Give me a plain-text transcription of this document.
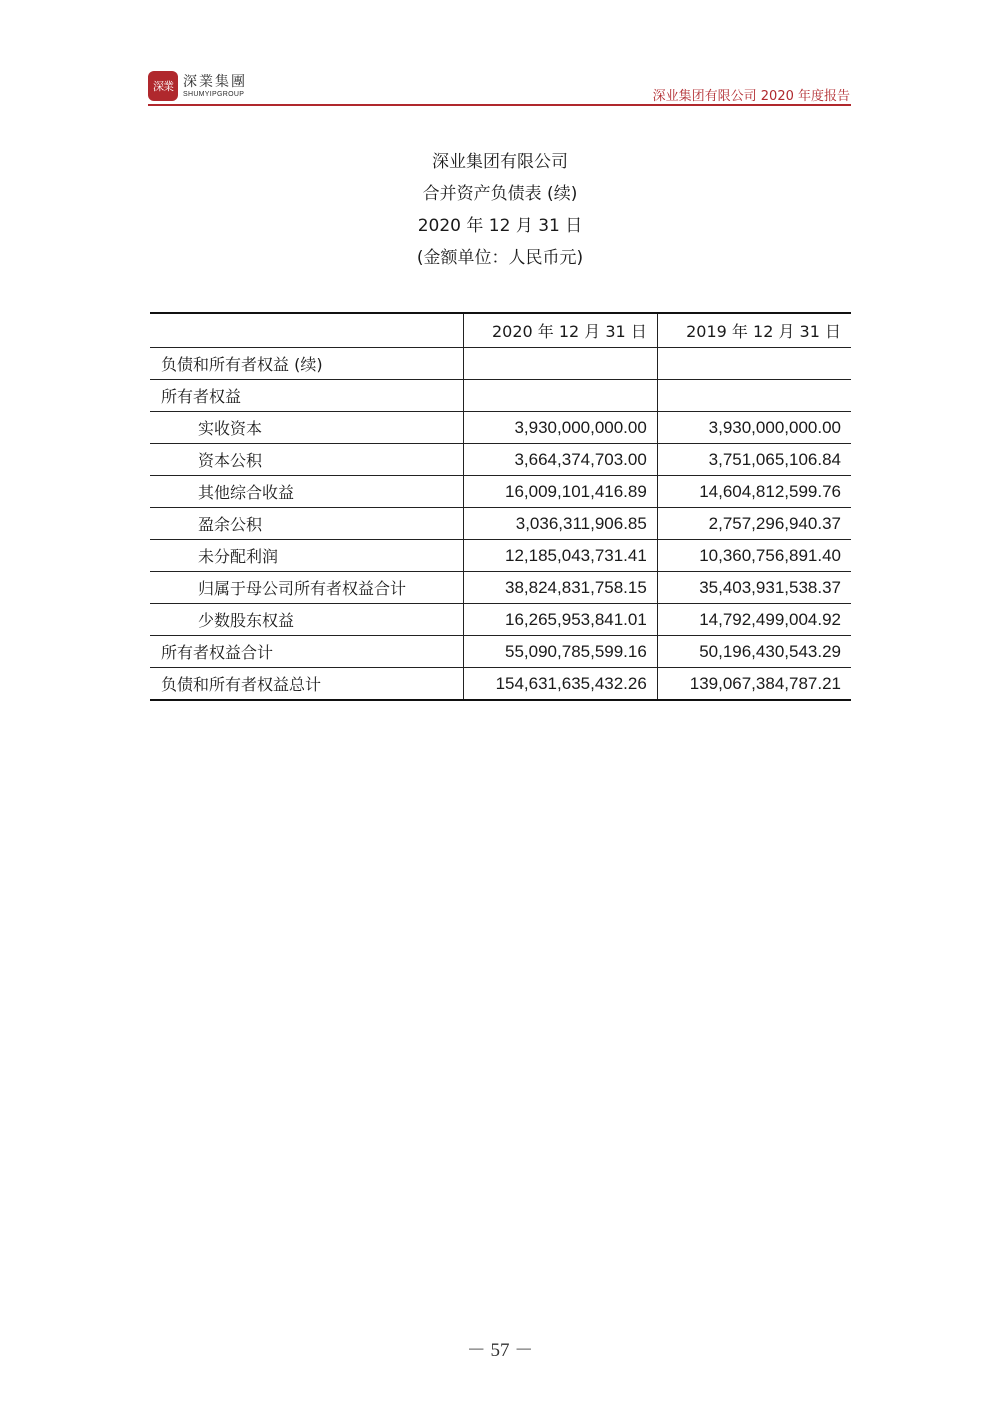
深業 深業集團
SHUMYIPGROUP	深业集团有限公司 2020 年度报告
深业集团有限公司
合并资产负债表 (续)
2020 年 12 月 31 日
(金额单位：人民币元)
	2020 年 12 月 31 日	2019 年 12 月 31 日
负债和所有者权益 (续)		
所有者权益		
实收资本	3,930,000,000.00	3,930,000,000.00
资本公积	3,664,374,703.00	3,751,065,106.84
其他综合收益	16,009,101,416.89	14,604,812,599.76
盈余公积	3,036,311,906.85	2,757,296,940.37
未分配利润	12,185,043,731.41	10,360,756,891.40
归属于母公司所有者权益合计	38,824,831,758.15	35,403,931,538.37
少数股东权益	16,265,953,841.01	14,792,499,004.92
所有者权益合计	55,090,785,599.16	50,196,430,543.29
负债和所有者权益总计	154,631,635,432.26	139,067,384,787.21
－ 57 －
